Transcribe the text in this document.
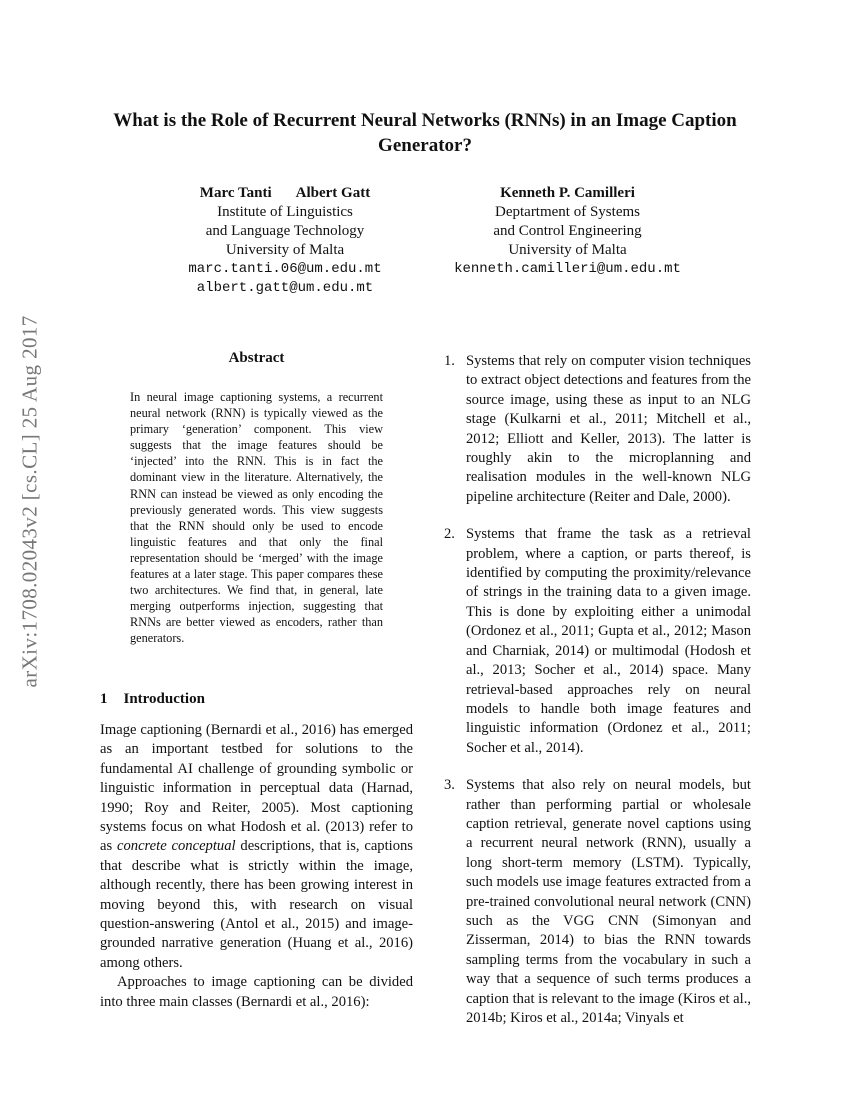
arXiv:1708.02043v2 [cs.CL] 25 Aug 2017
What is the Role of Recurrent Neural Networks (RNNs) in an Image Caption Generator?
Marc Tanti Albert Gatt
Institute of Linguistics
and Language Technology
University of Malta
marc.tanti.06@um.edu.mt
albert.gatt@um.edu.mt
Kenneth P. Camilleri
Deptartment of Systems
and Control Engineering
University of Malta
kenneth.camilleri@um.edu.mt
Abstract
In neural image captioning systems, a recurrent neural network (RNN) is typically viewed as the primary ‘generation’ component. This view suggests that the image features should be ‘injected’ into the RNN. This is in fact the dominant view in the literature. Alternatively, the RNN can instead be viewed as only encoding the previously generated words. This view suggests that the RNN should only be used to encode linguistic features and that only the final representation should be ‘merged’ with the image features at a later stage. This paper compares these two architectures. We find that, in general, late merging outperforms injection, suggesting that RNNs are better viewed as encoders, rather than generators.
1 Introduction

Image captioning (Bernardi et al., 2016) has emerged as an important testbed for solutions to the fundamental AI challenge of grounding symbolic or linguistic information in perceptual data (Harnad, 1990; Roy and Reiter, 2005). Most captioning systems focus on what Hodosh et al. (2013) refer to as concrete conceptual descriptions, that is, captions that describe what is strictly within the image, although recently, there has been growing interest in moving beyond this, with research on visual question-answering (Antol et al., 2015) and image-grounded narrative generation (Huang et al., 2016) among others.

Approaches to image captioning can be divided into three main classes (Bernardi et al., 2016):

1. Systems that rely on computer vision techniques to extract object detections and features from the source image, using these as input to an NLG stage (Kulkarni et al., 2011; Mitchell et al., 2012; Elliott and Keller, 2013). The latter is roughly akin to the microplanning and realisation modules in the well-known NLG pipeline architecture (Reiter and Dale, 2000).
2. Systems that frame the task as a retrieval problem, where a caption, or parts thereof, is identified by computing the proximity/relevance of strings in the training data to a given image. This is done by exploiting either a unimodal (Ordonez et al., 2011; Gupta et al., 2012; Mason and Charniak, 2014) or multimodal (Hodosh et al., 2013; Socher et al., 2014) space. Many retrieval-based approaches rely on neural models to handle both image features and linguistic information (Ordonez et al., 2011; Socher et al., 2014).
3. Systems that also rely on neural models, but rather than performing partial or wholesale caption retrieval, generate novel captions using a recurrent neural network (RNN), usually a long short-term memory (LSTM). Typically, such models use image features extracted from a pre-trained convolutional neural network (CNN) such as the VGG CNN (Simonyan and Zisserman, 2014) to bias the RNN towards sampling terms from the vocabulary in such a way that a sequence of such terms produces a caption that is relevant to the image (Kiros et al., 2014b; Kiros et al., 2014a; Vinyals et
